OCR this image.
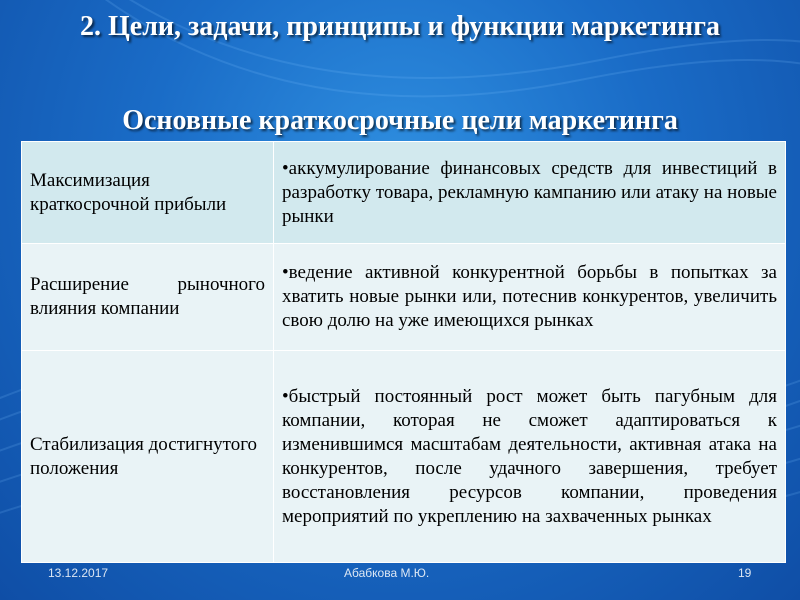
2. Цели, задачи, принципы и функции маркетинга
Основные краткосрочные цели маркетинга
Максимизация краткосрочной прибыли	•аккумулирование финансовых средств для инвестиций в разработку товара, рекламную кампанию или атаку на новые рынки

Расширение рыночного влияния компании	•ведение активной конкурентной борьбы в попытках за хватить новые рынки или, потеснив конкурентов, увеличить свою долю на уже имеющихся рынках

Стабилизация достигнутого положения	•быстрый постоянный рост может быть пагубным для компании, которая не сможет адаптироваться к изменившимся масштабам деятельности, активная атака на конкурентов, после удачного завершения, требует восстановления ресурсов компании, проведения мероприятий по укреплению на захваченных рынках
13.12.2017	Абабкова М.Ю.	19
